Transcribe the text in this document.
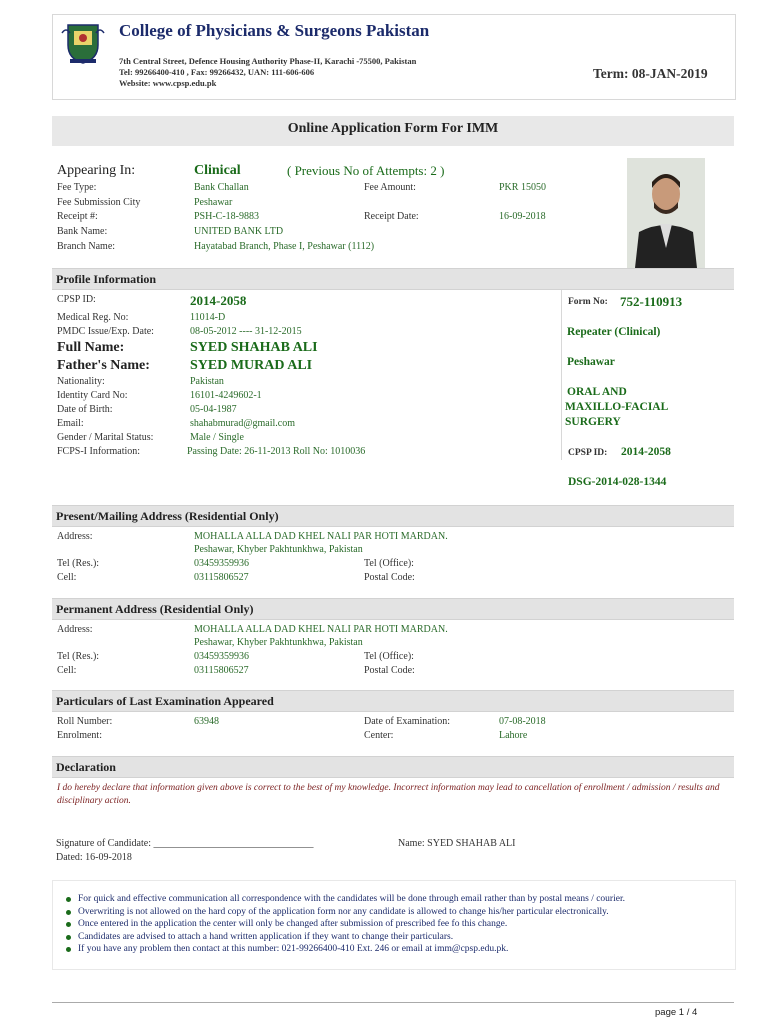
College of Physicians & Surgeons Pakistan
7th Central Street, Defence Housing Authority Phase-II, Karachi -75500, Pakistan
Tel: 99266400-410 , Fax: 99266432, UAN: 111-606-606
Website: www.cpsp.edu.pk
Term: 08-JAN-2019
Online Application Form For IMM
Appearing In:	Clinical	( Previous No of Attempts: 2 )
Fee Type:	Bank Challan	Fee Amount:	PKR 15050
Fee Submission City	Peshawar
Receipt #:	PSH-C-18-9883	Receipt Date:	16-09-2018
Bank Name:	UNITED BANK LTD
Branch Name:	Hayatabad Branch, Phase I, Peshawar (1112)
Profile Information
CPSP ID:	2014-2058
Medical Reg. No:	11014-D
PMDC Issue/Exp. Date:	08-05-2012 ---- 31-12-2015
Full Name:	SYED SHAHAB ALI
Father's Name:	SYED MURAD ALI
Nationality:	Pakistan
Identity Card No:	16101-4249602-1
Date of Birth:	05-04-1987
Email:	shahabmurad@gmail.com
Gender / Marital Status:	Male / Single
FCPS-I Information:	Passing Date: 26-11-2013 Roll No: 1010036
Form No: 752-110913
Repeater (Clinical)
Peshawar
ORAL AND
MAXILLO-FACIAL
SURGERY
CPSP ID: 2014-2058
DSG-2014-028-1344
Present/Mailing Address (Residential Only)
Address:	MOHALLA ALLA DAD KHEL NALI PAR HOTI MARDAN.
Peshawar, Khyber Pakhtunkhwa, Pakistan
Tel (Res.):	03459359936	Tel (Office):
Cell:	03115806527	Postal Code:
Permanent Address (Residential Only)
Address:	MOHALLA ALLA DAD KHEL NALI PAR HOTI MARDAN.
Peshawar, Khyber Pakhtunkhwa, Pakistan
Tel (Res.):	03459359936	Tel (Office):
Cell:	03115806527	Postal Code:
Particulars of Last Examination Appeared
Roll Number:	63948	Date of Examination:	07-08-2018
Enrolment:	Center:	Lahore
Declaration
I do hereby declare that information given above is correct to the best of my knowledge. Incorrect information may lead to cancellation of enrollment / admission / results and disciplinary action.
Signature of Candidate: ________________________________	Name: SYED SHAHAB ALI
Dated: 16-09-2018
For quick and effective communication all correspondence with the candidates will be done through email rather than by postal means / courier.
Overwriting is not allowed on the hard copy of the application form nor any candidate is allowed to change his/her particular electronically.
Once entered in the application the center will only be changed after submission of prescribed fee fo this change.
Candidates are advised to attach a hand written application if they want to change their particulars.
If you have any problem then contact at this number: 021-99266400-410 Ext. 246 or email at imm@cpsp.edu.pk.
page 1 / 4
